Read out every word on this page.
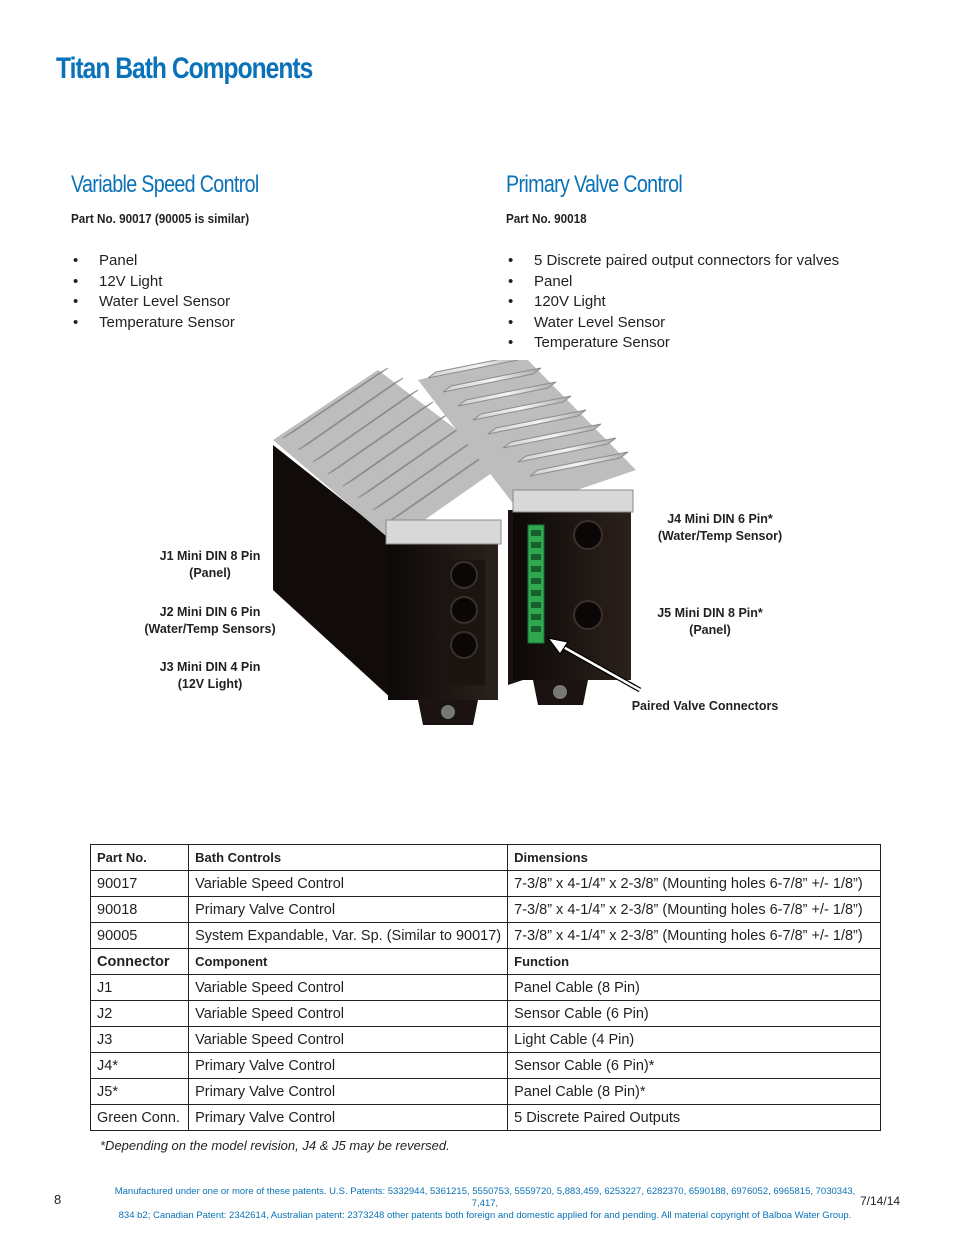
Titan Bath Components
Variable Speed Control
Part No. 90017 (90005 is similar)
• Panel
• 12V Light
• Water Level Sensor
• Temperature Sensor
Primary Valve Control
Part No. 90018
• 5 Discrete paired output connectors for valves
• Panel
• 120V Light
• Water Level Sensor
• Temperature Sensor
J1 Mini DIN 8 Pin
(Panel)
J2 Mini DIN 6 Pin
(Water/Temp Sensors)
J3 Mini DIN 4 Pin
(12V Light)
J4 Mini DIN 6 Pin*
(Water/Temp Sensor)
J5 Mini DIN 8 Pin*
(Panel)
Paired Valve Connectors
Part No.	Bath Controls	Dimensions
90017	Variable Speed Control	7-3/8” x 4-1/4” x 2-3/8” (Mounting holes 6-7/8” +/- 1/8”)
90018	Primary Valve Control	7-3/8” x 4-1/4” x 2-3/8” (Mounting holes 6-7/8” +/- 1/8”)
90005	System Expandable, Var. Sp. (Similar to 90017)	7-3/8” x 4-1/4” x 2-3/8” (Mounting holes 6-7/8” +/- 1/8”)
Connector	Component	Function
J1	Variable Speed Control	Panel Cable (8 Pin)
J2	Variable Speed Control	Sensor Cable (6 Pin)
J3	Variable Speed Control	Light Cable (4 Pin)
J4*	Primary Valve Control	Sensor Cable (6 Pin)*
J5*	Primary Valve Control	Panel Cable (8 Pin)*
Green Conn.	Primary Valve Control	5 Discrete Paired Outputs
*Depending on the model revision, J4 & J5 may be reversed.
8
Manufactured under one or more of these patents. U.S. Patents: 5332944, 5361215, 5550753, 5559720, 5,883,459, 6253227, 6282370, 6590188, 6976052, 6965815, 7030343, 7,417,
834 b2; Canadian Patent: 2342614, Australian patent: 2373248 other patents both foreign and domestic applied for and pending. All material copyright of Balboa Water Group.
7/14/14
